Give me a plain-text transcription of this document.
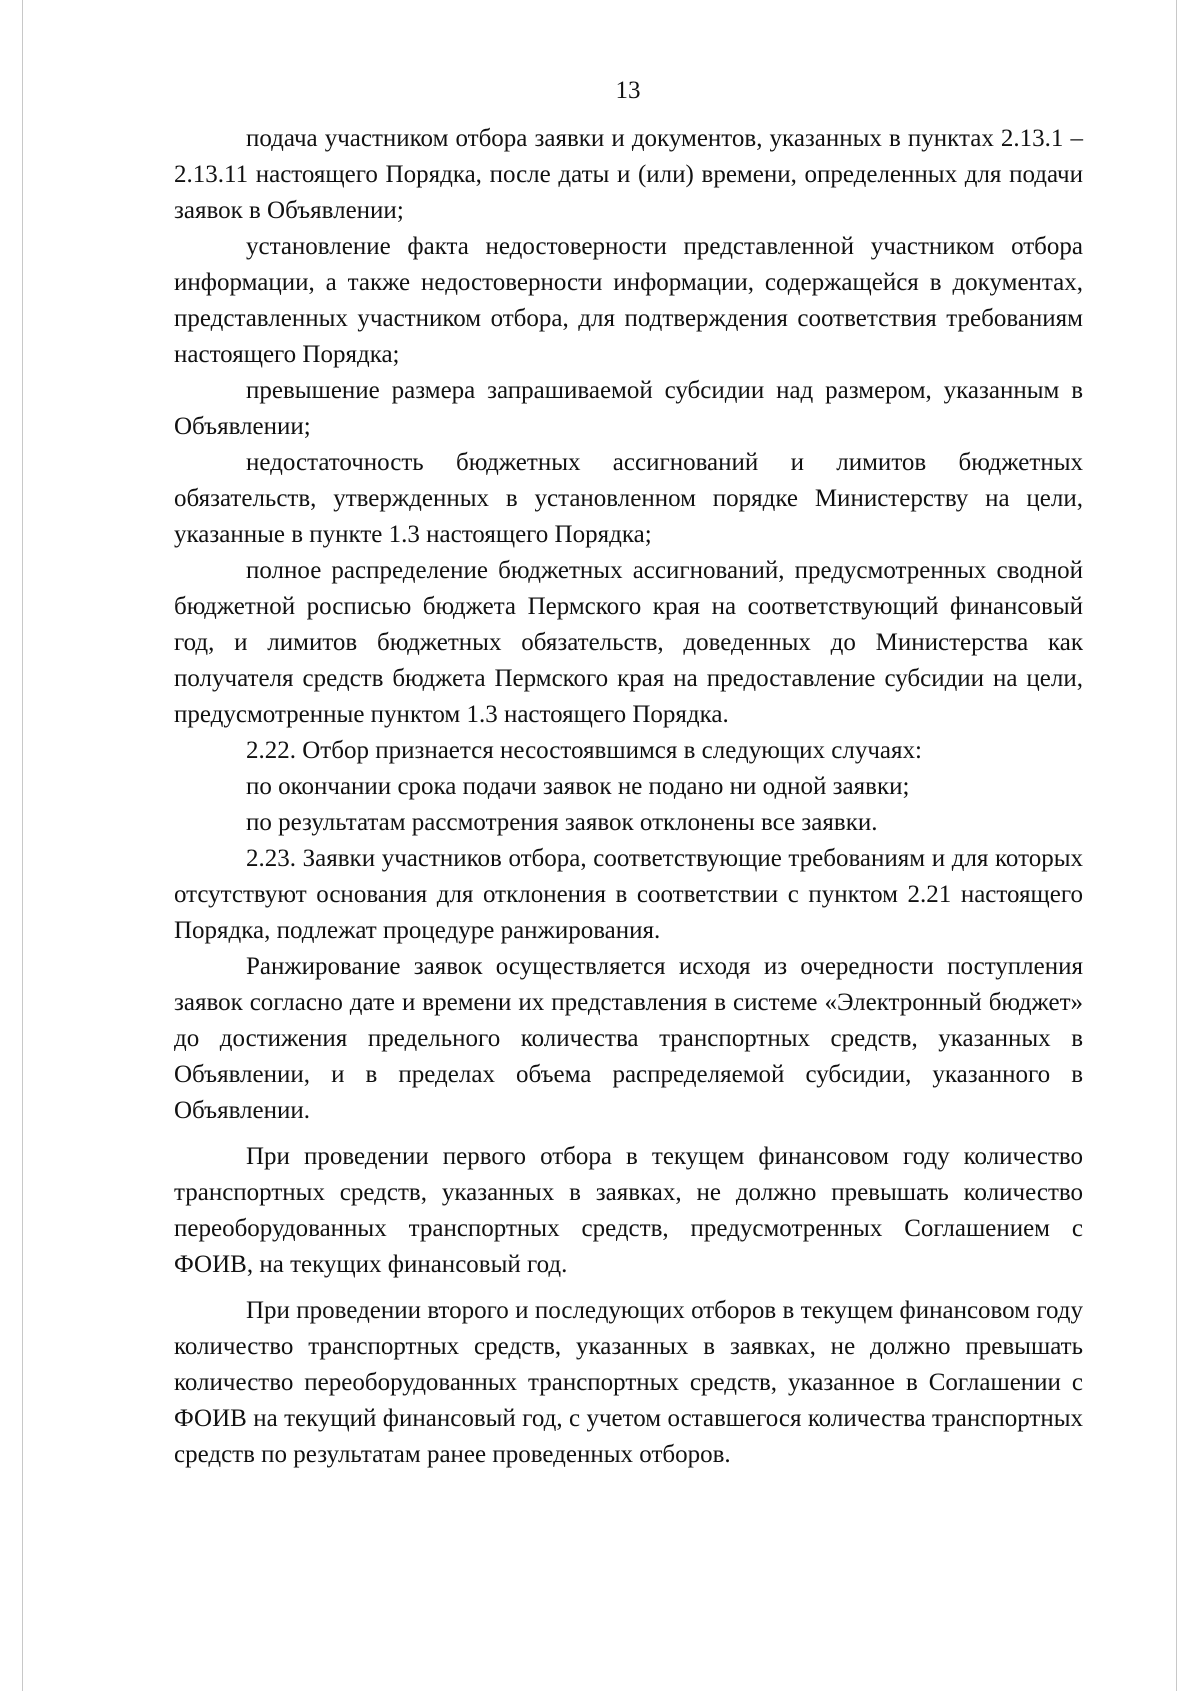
13

подача участником отбора заявки и документов, указанных в пунктах 2.13.1 – 2.13.11 настоящего Порядка, после даты и (или) времени, определенных для подачи заявок в Объявлении;

установление факта недостоверности представленной участником отбора информации, а также недостоверности информации, содержащейся в документах, представленных участником отбора, для подтверждения соответствия требованиям настоящего Порядка;

превышение размера запрашиваемой субсидии над размером, указанным в Объявлении;

недостаточность бюджетных ассигнований и лимитов бюджетных обязательств, утвержденных в установленном порядке Министерству на цели, указанные в пункте 1.3 настоящего Порядка;

полное распределение бюджетных ассигнований, предусмотренных сводной бюджетной росписью бюджета Пермского края на соответствующий финансовый год, и лимитов бюджетных обязательств, доведенных до Министерства как получателя средств бюджета Пермского края на предоставление субсидии на цели, предусмотренные пунктом 1.3 настоящего Порядка.

2.22. Отбор признается несостоявшимся в следующих случаях:

по окончании срока подачи заявок не подано ни одной заявки;

по результатам рассмотрения заявок отклонены все заявки.

2.23. Заявки участников отбора, соответствующие требованиям и для которых отсутствуют основания для отклонения в соответствии с пунктом 2.21 настоящего Порядка, подлежат процедуре ранжирования.

Ранжирование заявок осуществляется исходя из очередности поступления заявок согласно дате и времени их представления в системе «Электронный бюджет» до достижения предельного количества транспортных средств, указанных в Объявлении, и в пределах объема распределяемой субсидии, указанного в Объявлении.

При проведении первого отбора в текущем финансовом году количество транспортных средств, указанных в заявках, не должно превышать количество переоборудованных транспортных средств, предусмотренных Соглашением с ФОИВ, на текущих финансовый год.

При проведении второго и последующих отборов в текущем финансовом году количество транспортных средств, указанных в заявках, не должно превышать количество переоборудованных транспортных средств, указанное в Соглашении с ФОИВ на текущий финансовый год, с учетом оставшегося количества транспортных средств по результатам ранее проведенных отборов.
